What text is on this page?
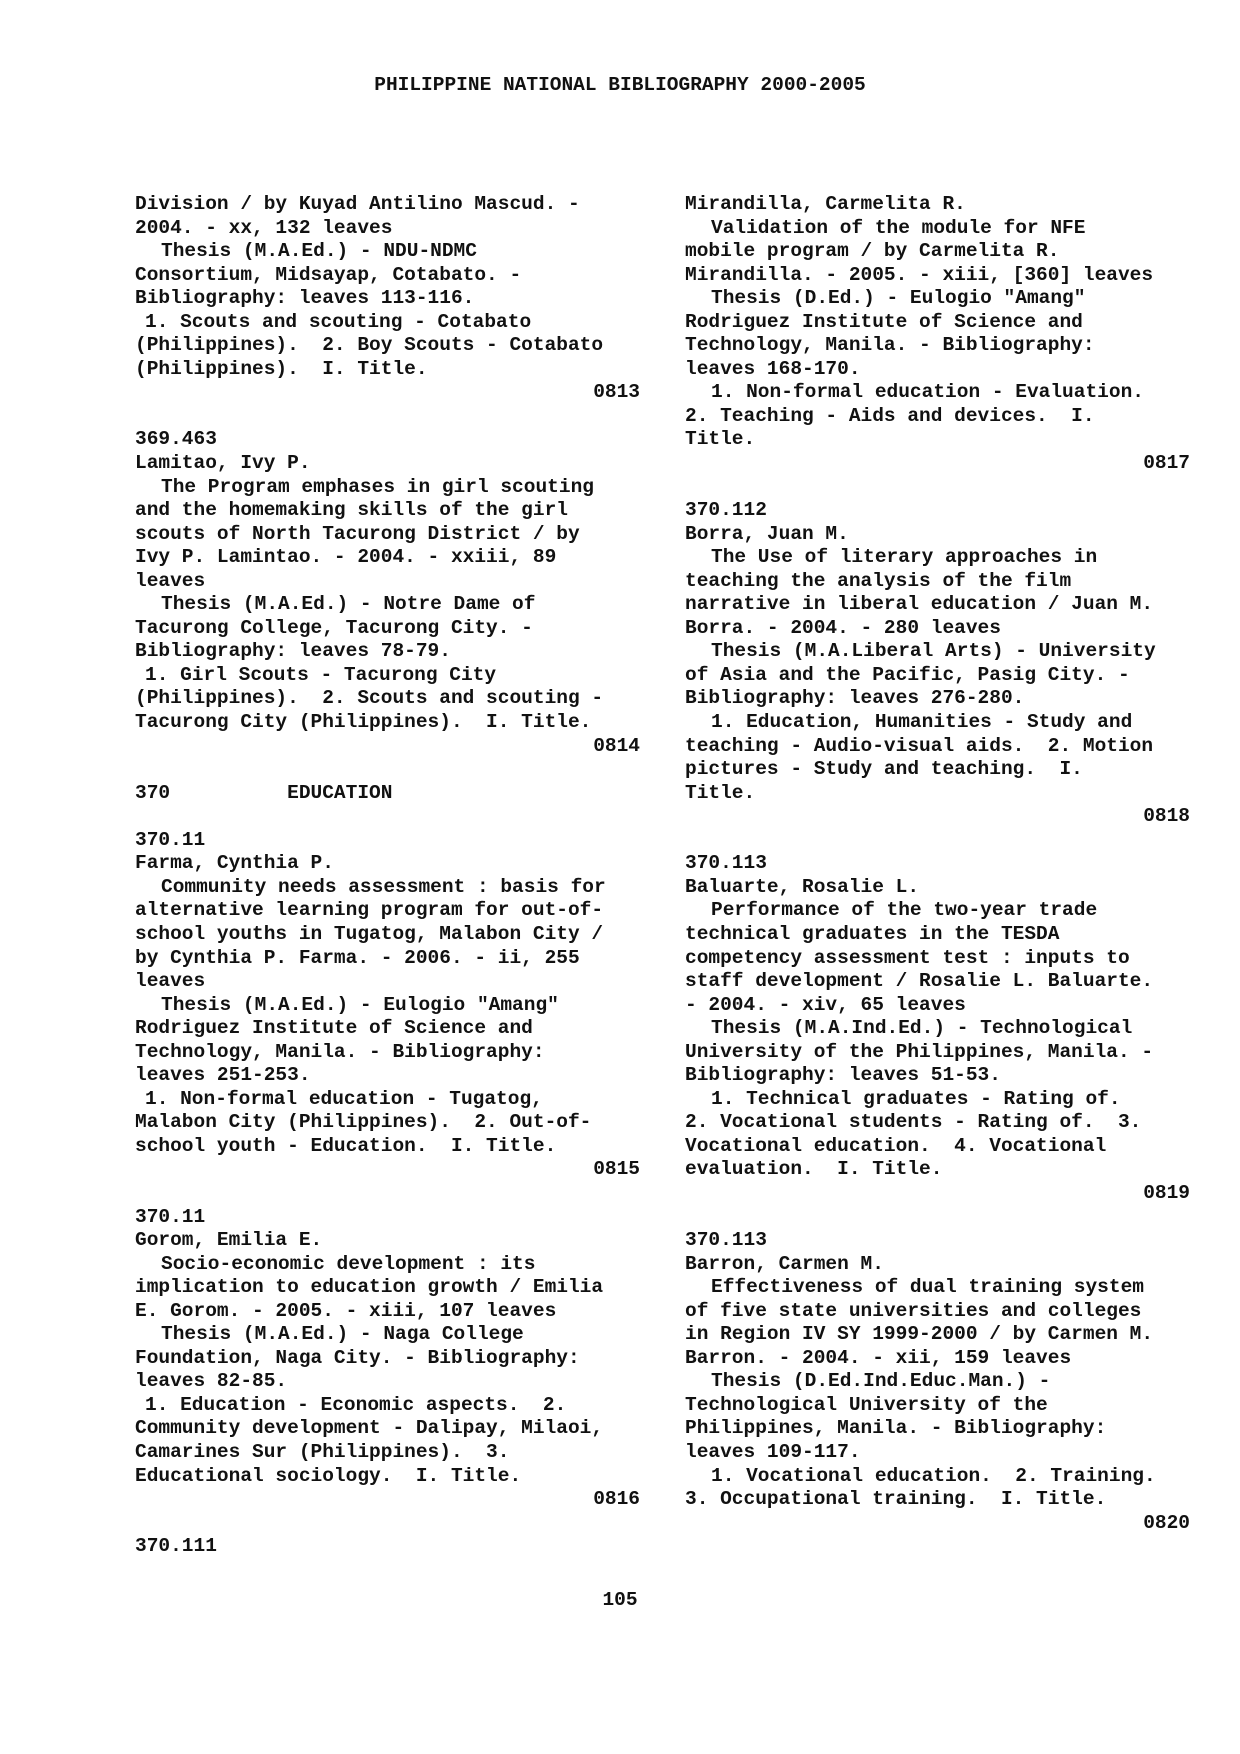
PHILIPPINE NATIONAL BIBLIOGRAPHY 2000-2005
Division / by Kuyad Antilino Mascud. -
2004. - xx, 132 leaves
Thesis (M.A.Ed.) - NDU-NDMC
Consortium, Midsayap, Cotabato. -
Bibliography: leaves 113-116.
1. Scouts and scouting - Cotabato
(Philippines).  2. Boy Scouts - Cotabato
(Philippines).  I. Title.
0813
369.463
Lamitao, Ivy P.
The Program emphases in girl scouting
and the homemaking skills of the girl
scouts of North Tacurong District / by
Ivy P. Lamintao. - 2004. - xxiii, 89
leaves
Thesis (M.A.Ed.) - Notre Dame of
Tacurong College, Tacurong City. -
Bibliography: leaves 78-79.
1. Girl Scouts - Tacurong City
(Philippines).  2. Scouts and scouting -
Tacurong City (Philippines).  I. Title.
0814
370          EDUCATION
370.11
Farma, Cynthia P.
Community needs assessment : basis for
alternative learning program for out-of-
school youths in Tugatog, Malabon City /
by Cynthia P. Farma. - 2006. - ii, 255
leaves
Thesis (M.A.Ed.) - Eulogio "Amang"
Rodriguez Institute of Science and
Technology, Manila. - Bibliography:
leaves 251-253.
1. Non-formal education - Tugatog,
Malabon City (Philippines).  2. Out-of-
school youth - Education.  I. Title.
0815
370.11
Gorom, Emilia E.
Socio-economic development : its
implication to education growth / Emilia
E. Gorom. - 2005. - xiii, 107 leaves
Thesis (M.A.Ed.) - Naga College
Foundation, Naga City. - Bibliography:
leaves 82-85.
1. Education - Economic aspects.  2.
Community development - Dalipay, Milaoi,
Camarines Sur (Philippines).  3.
Educational sociology.  I. Title.
0816
370.111
Mirandilla, Carmelita R.
Validation of the module for NFE
mobile program / by Carmelita R.
Mirandilla. - 2005. - xiii, [360] leaves
Thesis (D.Ed.) - Eulogio "Amang"
Rodriguez Institute of Science and
Technology, Manila. - Bibliography:
leaves 168-170.
1. Non-formal education - Evaluation.
2. Teaching - Aids and devices.  I.
Title.
0817
370.112
Borra, Juan M.
The Use of literary approaches in
teaching the analysis of the film
narrative in liberal education / Juan M.
Borra. - 2004. - 280 leaves
Thesis (M.A.Liberal Arts) - University
of Asia and the Pacific, Pasig City. -
Bibliography: leaves 276-280.
1. Education, Humanities - Study and
teaching - Audio-visual aids.  2. Motion
pictures - Study and teaching.  I.
Title.
0818
370.113
Baluarte, Rosalie L.
Performance of the two-year trade
technical graduates in the TESDA
competency assessment test : inputs to
staff development / Rosalie L. Baluarte.
- 2004. - xiv, 65 leaves
Thesis (M.A.Ind.Ed.) - Technological
University of the Philippines, Manila. -
Bibliography: leaves 51-53.
1. Technical graduates - Rating of.
2. Vocational students - Rating of.  3.
Vocational education.  4. Vocational
evaluation.  I. Title.
0819
370.113
Barron, Carmen M.
Effectiveness of dual training system
of five state universities and colleges
in Region IV SY 1999-2000 / by Carmen M.
Barron. - 2004. - xii, 159 leaves
Thesis (D.Ed.Ind.Educ.Man.) -
Technological University of the
Philippines, Manila. - Bibliography:
leaves 109-117.
1. Vocational education.  2. Training.
3. Occupational training.  I. Title.
0820
105
